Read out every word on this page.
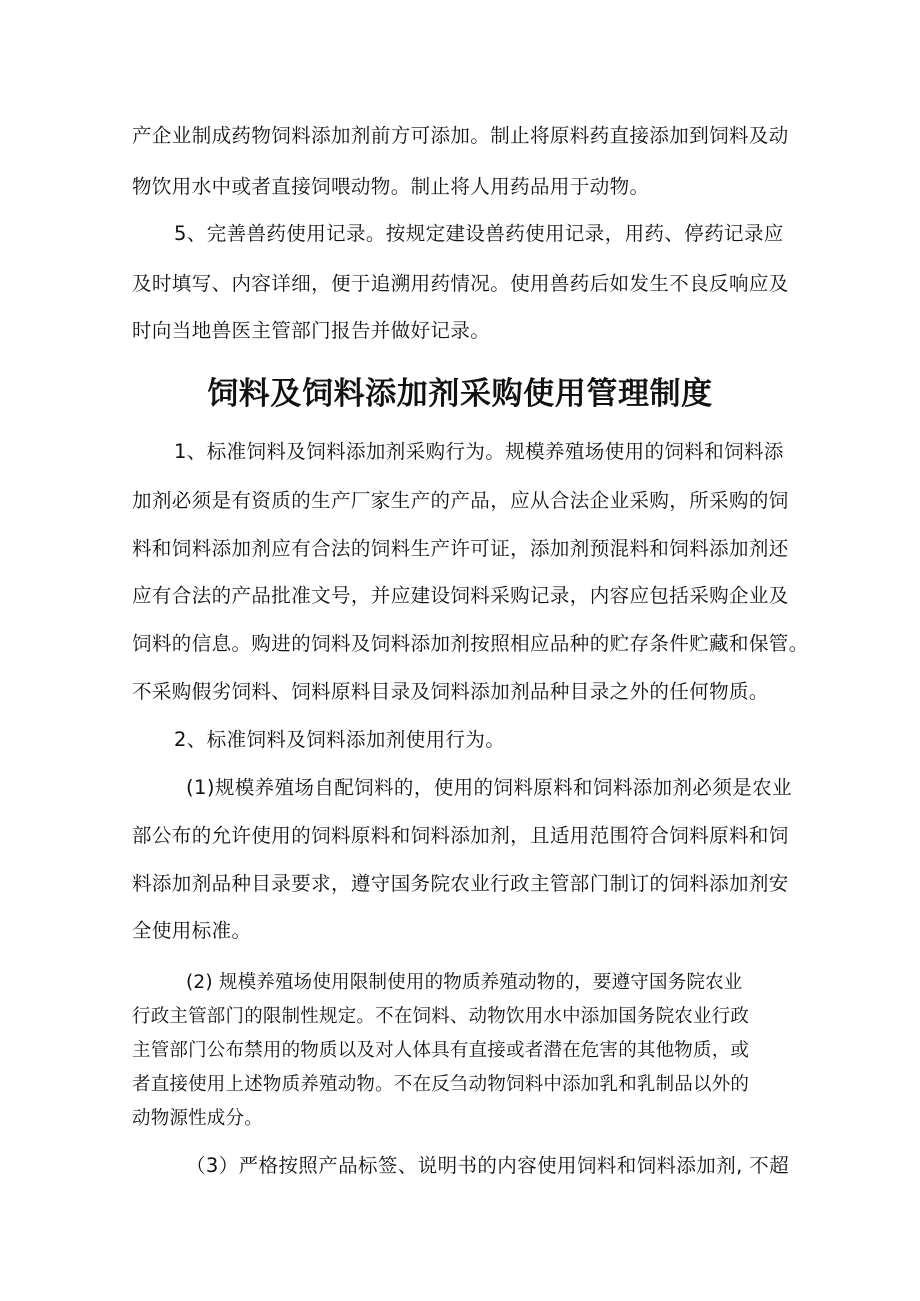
产企业制成药物饲料添加剂前方可添加。制止将原料药直接添加到饲料及动

物饮用水中或者直接饲喂动物。制止将人用药品用于动物。

5、完善兽药使用记录。按规定建设兽药使用记录，用药、停药记录应

及时填写、内容详细，便于追溯用药情况。使用兽药后如发生不良反响应及

时向当地兽医主管部门报告并做好记录。

饲料及饲料添加剂采购使用管理制度

1、标准饲料及饲料添加剂采购行为。规模养殖场使用的饲料和饲料添

加剂必须是有资质的生产厂家生产的产品，应从合法企业采购，所采购的饲

料和饲料添加剂应有合法的饲料生产许可证，添加剂预混料和饲料添加剂还

应有合法的产品批准文号，并应建设饲料采购记录，内容应包括采购企业及

饲料的信息。购进的饲料及饲料添加剂按照相应品种的贮存条件贮藏和保管。

不采购假劣饲料、饲料原料目录及饲料添加剂品种目录之外的任何物质。

2、标准饲料及饲料添加剂使用行为。

(1)规模养殖场自配饲料的，使用的饲料原料和饲料添加剂必须是农业

部公布的允许使用的饲料原料和饲料添加剂，且适用范围符合饲料原料和饲

料添加剂品种目录要求，遵守国务院农业行政主管部门制订的饲料添加剂安

全使用标准。

(2) 规模养殖场使用限制使用的物质养殖动物的，要遵守国务院农业

行政主管部门的限制性规定。不在饲料、动物饮用水中添加国务院农业行政

主管部门公布禁用的物质以及对人体具有直接或者潜在危害的其他物质，或

者直接使用上述物质养殖动物。不在反刍动物饲料中添加乳和乳制品以外的

动物源性成分。

（3）严格按照产品标签、说明书的内容使用饲料和饲料添加剂, 不超
